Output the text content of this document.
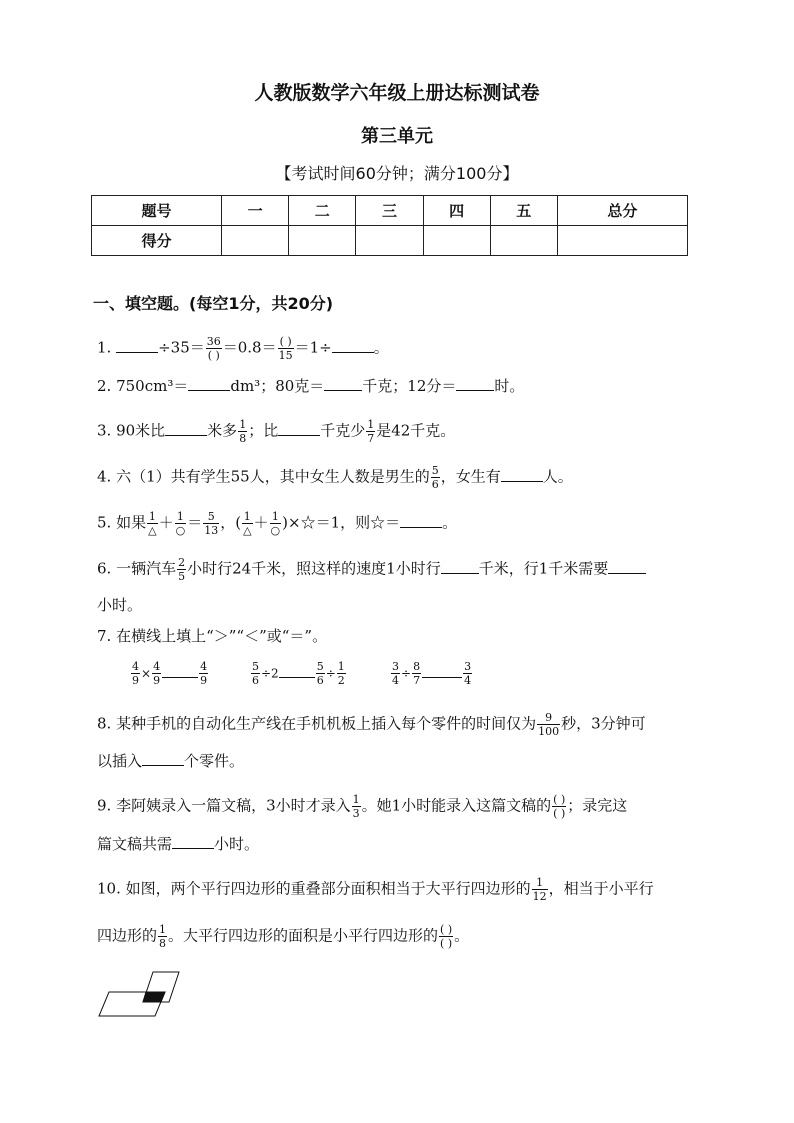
人教版数学六年级上册达标测试卷
第三单元
【考试时间60分钟；满分100分】
题号	一	二	三	四	五	总分
得分						
一、填空题。(每空1分，共20分)
1.	$\div 35= \frac{36}{( )} =0.8= \frac{( )}{15} =1\div$	。
2. 750cm³＝	dm³；80克＝	千克；12分＝	时。
3. 90米比	米多 $\frac{1}{8}$ ；比	千克少 $\frac{1}{7}$ 是42千克。
4. 六（1）共有学生55人，其中女生人数是男生的 $\frac{5}{6}$ ，女生有	人。
5. 如果 $\frac{1}{\triangle} + \frac{1}{○} = \frac{5}{13}$ ，( $\frac{1}{\triangle} + \frac{1}{○}$ )×☆＝1，则☆＝	。
6. 一辆汽车 $\frac{2}{5}$ 小时行24千米，照这样的速度1小时行	千米，行1千米需要
小时。
7. 在横线上填上“＞”“＜”或“＝”。
$\frac{4}{9} \times \frac{4}{9}$	$\frac{4}{9}$	$\frac{5}{6} \div 2$	$\frac{5}{6} \div \frac{1}{2}$	$\frac{3}{4} \div \frac{8}{7}$	$\frac{3}{4}$
8. 某种手机的自动化生产线在手机机板上插入每个零件的时间仅为 $\frac{9}{100}$ 秒，3分钟可
以插入	个零件。
9. 李阿姨录入一篇文稿，3小时才录入 $\frac{1}{3}$ 。她1小时能录入这篇文稿的 $\frac{( )}{( )}$ ；录完这
篇文稿共需	小时。
10. 如图，两个平行四边形的重叠部分面积相当于大平行四边形的 $\frac{1}{12}$ ，相当于小平行
四边形的 $\frac{1}{8}$ 。大平行四边形的面积是小平行四边形的 $\frac{( )}{( )}$ 。
